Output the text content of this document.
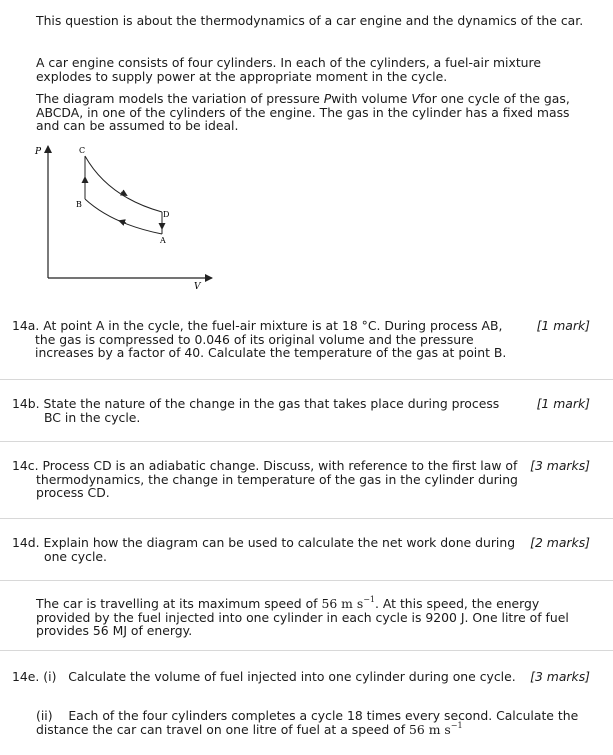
This question is about the thermodynamics of a car engine and the dynamics of the car.

A car engine consists of four cylinders. In each of the cylinders, a fuel-air mixture explodes to supply power at the appropriate moment in the cycle.

The diagram models the variation of pressure Pwith volume Vfor one cycle of the gas, ABCDA, in one of the cylinders of the engine. The gas in the cylinder has a fixed mass and can be assumed to be ideal.

P
V
C
B
D
A
[1 mark]
14a. At point A in the cycle, the fuel-air mixture is at 18 °C. During process AB, the gas is compressed to 0.046 of its original volume and the pressure increases by a factor of 40. Calculate the temperature of the gas at point B.
[1 mark]
14b. State the nature of the change in the gas that takes place during process BC in the cycle.
[3 marks]
14c. Process CD is an adiabatic change. Discuss, with reference to the first law of thermodynamics, the change in temperature of the gas in the cylinder during process CD.
[2 marks]
14d. Explain how the diagram can be used to calculate the net work done during one cycle.

The car is travelling at its maximum speed of 56 m $s^{-1}$. At this speed, the energy provided by the fuel injected into one cylinder in each cycle is 9200 J. One litre of fuel provides 56 MJ of energy.

[3 marks]
14e. (i) Calculate the volume of fuel injected into one cylinder during one cycle.
(ii) Each of the four cylinders completes a cycle 18 times every second. Calculate the distance the car can travel on one litre of fuel at a speed of 56 m $s^{-1}$
